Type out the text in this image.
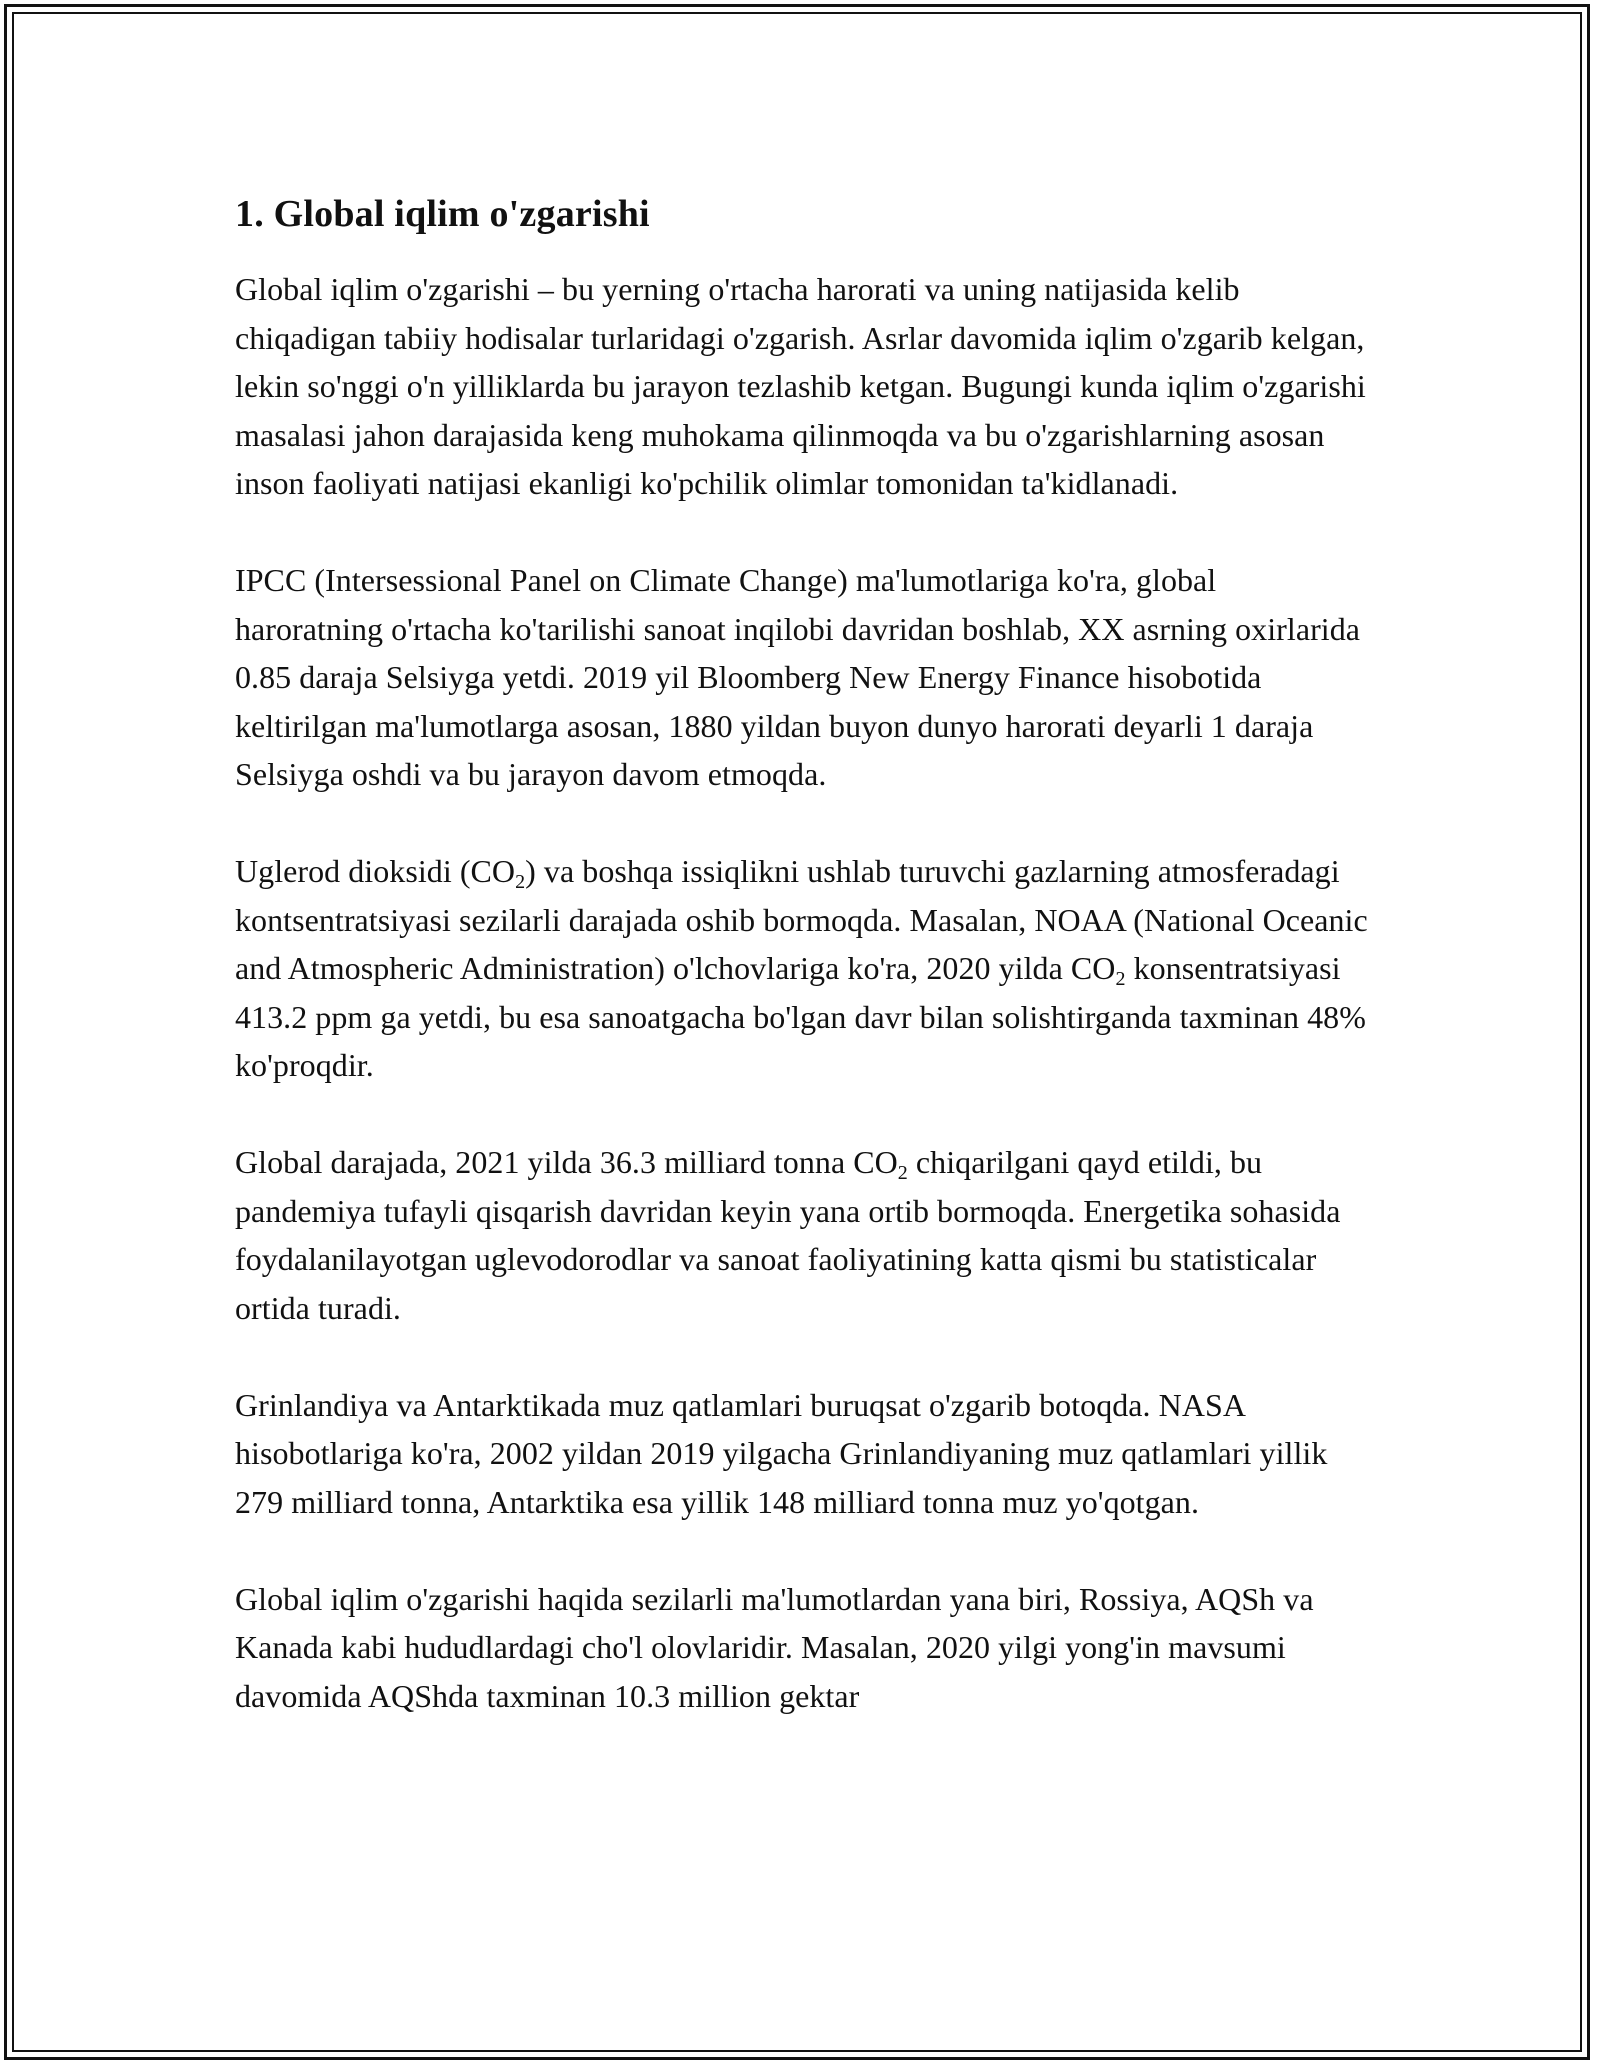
1. Global iqlim o'zgarishi

Global iqlim o'zgarishi – bu yerning o'rtacha harorati va uning natijasida kelib chiqadigan tabiiy hodisalar turlaridagi o'zgarish. Asrlar davomida iqlim o'zgarib kelgan, lekin so'nggi o'n yilliklarda bu jarayon tezlashib ketgan. Bugungi kunda iqlim o'zgarishi masalasi jahon darajasida keng muhokama qilinmoqda va bu o'zgarishlarning asosan inson faoliyati natijasi ekanligi ko'pchilik olimlar tomonidan ta'kidlanadi.

IPCC (Intersessional Panel on Climate Change) ma'lumotlariga ko'ra, global haroratning o'rtacha ko'tarilishi sanoat inqilobi davridan boshlab, XX asrning oxirlarida 0.85 daraja Selsiyga yetdi. 2019 yil Bloomberg New Energy Finance hisobotida keltirilgan ma'lumotlarga asosan, 1880 yildan buyon dunyo harorati deyarli 1 daraja Selsiyga oshdi va bu jarayon davom etmoqda.

Uglerod dioksidi $(CO_2)$ va boshqa issiqlikni ushlab turuvchi gazlarning atmosferadagi kontsentratsiyasi sezilarli darajada oshib bormoqda. Masalan, NOAA (National Oceanic and Atmospheric Administration) o'lchovlariga ko'ra, 2020 yilda $CO_2$ konsentratsiyasi 413.2 ppm ga yetdi, bu esa sanoatgacha bo'lgan davr bilan solishtirganda taxminan 48% ko'proqdir.

Global darajada, 2021 yilda 36.3 milliard tonna $CO_2$ chiqarilgani qayd etildi, bu pandemiya tufayli qisqarish davridan keyin yana ortib bormoqda. Energetika sohasida foydalanilayotgan uglevodorodlar va sanoat faoliyatining katta qismi bu statisticalar ortida turadi.

Grinlandiya va Antarktikada muz qatlamlari buruqsat o'zgarib botoqda. NASA hisobotlariga ko'ra, 2002 yildan 2019 yilgacha Grinlandiyaning muz qatlamlari yillik 279 milliard tonna, Antarktika esa yillik 148 milliard tonna muz yo'qotgan.

Global iqlim o'zgarishi haqida sezilarli ma'lumotlardan yana biri, Rossiya, AQSh va Kanada kabi hududlardagi cho'l olovlaridir. Masalan, 2020 yilgi yong'in mavsumi davomida AQShda taxminan 10.3 million gektar
